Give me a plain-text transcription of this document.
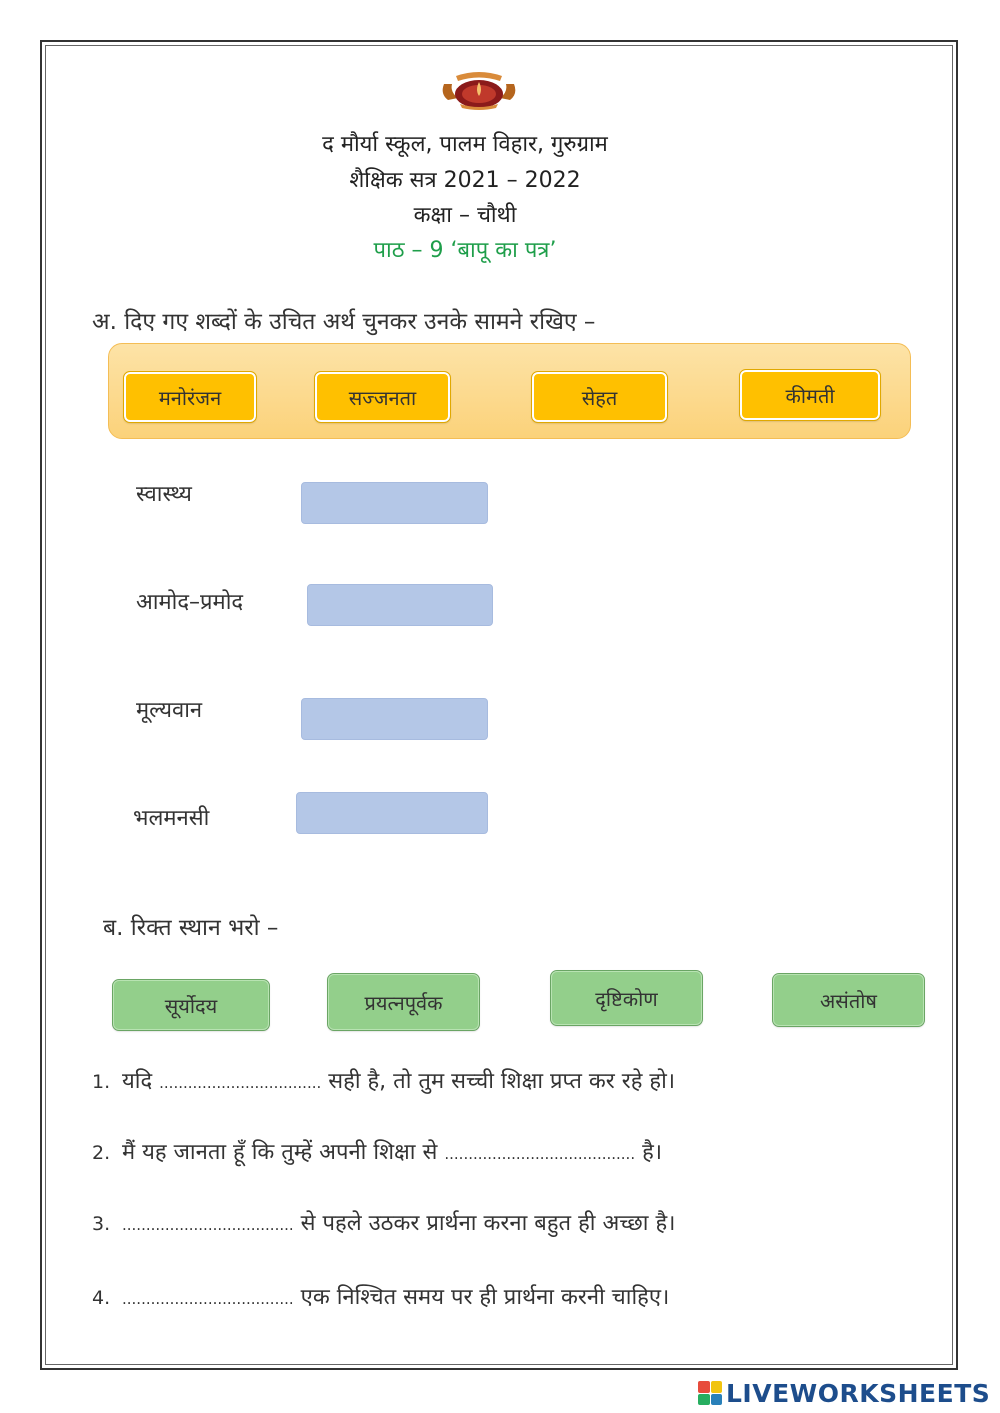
द मौर्या स्कूल, पालम विहार, गुरुग्राम
शैक्षिक सत्र 2021 – 2022
कक्षा – चौथी
पाठ – 9 ‘बापू का पत्र’
अ. दिए गए शब्दों के उचित अर्थ चुनकर उनके सामने रखिए –
मनोरंजन	सज्जनता	सेहत	कीमती
स्वास्थ्य
आमोद–प्रमोद
मूल्यवान
भलमनसी
ब. रिक्त स्थान भरो –
सूर्योदय	प्रयत्नपूर्वक	दृष्टिकोण	असंतोष
1. यदि .................................. सही है, तो तुम सच्ची शिक्षा प्रप्त कर रहे हो।
2. मैं यह जानता हूँ कि तुम्हें अपनी शिक्षा से ........................................ है।
3. .................................... से पहले उठकर प्रार्थना करना बहुत ही अच्छा है।
4. .................................... एक निश्चित समय पर ही प्रार्थना करनी चाहिए।
LIVEWORKSHEETS
